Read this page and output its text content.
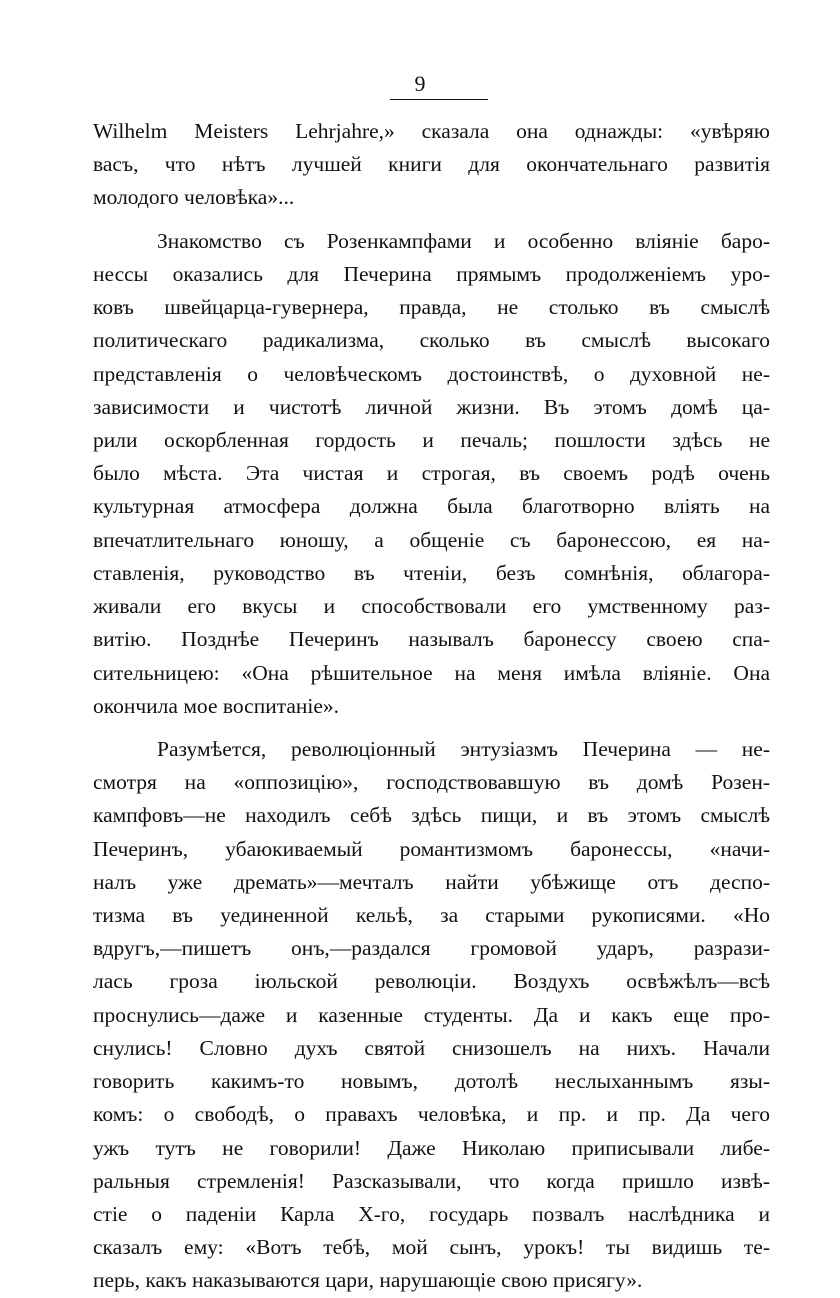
9
Wilhelm Meisters Lehrjahre,» сказала она однажды: «увѣряю
васъ, что нѣтъ лучшей книги для окончательнаго развитія
молодого человѣка»...
Знакомство съ Розенкампфами и особенно вліяніе баро-
нессы оказались для Печерина прямымъ продолженіемъ уро-
ковъ швейцарца-гувернера, правда, не столько въ смыслѣ
политическаго радикализма, сколько въ смыслѣ высокаго
представленія о человѣческомъ достоинствѣ, о духовной не-
зависимости и чистотѣ личной жизни. Въ этомъ домѣ ца-
рили оскорбленная гордость и печаль; пошлости здѣсь не
было мѣста. Эта чистая и строгая, въ своемъ родѣ очень
культурная атмосфера должна была благотворно вліять на
впечатлительнаго юношу, а общеніе съ баронессою, ея на-
ставленія, руководство въ чтеніи, безъ сомнѣнія, облагора-
живали его вкусы и способствовали его умственному раз-
витію. Позднѣе Печеринъ называлъ баронессу своею спа-
сительницею: «Она рѣшительное на меня имѣла вліяніе. Она
окончила мое воспитаніе».
Разумѣется, революціонный энтузіазмъ Печерина — не-
смотря на «оппозицію», господствовавшую въ домѣ Розен-
кампфовъ—не находилъ себѣ здѣсь пищи, и въ этомъ смыслѣ
Печеринъ, убаюкиваемый романтизмомъ баронессы, «начи-
налъ уже дремать»—мечталъ найти убѣжище отъ деспо-
тизма въ уединенной кельѣ, за старыми рукописями. «Но
вдругъ,—пишетъ онъ,—раздался громовой ударъ, разрази-
лась гроза іюльской революціи. Воздухъ освѣжѣлъ—всѣ
проснулись—даже и казенные студенты. Да и какъ еще про-
снулись! Словно духъ святой снизошелъ на нихъ. Начали
говорить какимъ-то новымъ, дотолѣ неслыханнымъ язы-
комъ: о свободѣ, о правахъ человѣка, и пр. и пр. Да чего
ужъ тутъ не говорили! Даже Николаю приписывали либе-
ральныя стремленія! Разсказывали, что когда пришло извѣ-
стіе о паденіи Карла X-го, государь позвалъ наслѣдника и
сказалъ ему: «Вотъ тебѣ, мой сынъ, урокъ! ты видишь те-
перь, какъ наказываются цари, нарушающіе свою присягу».
